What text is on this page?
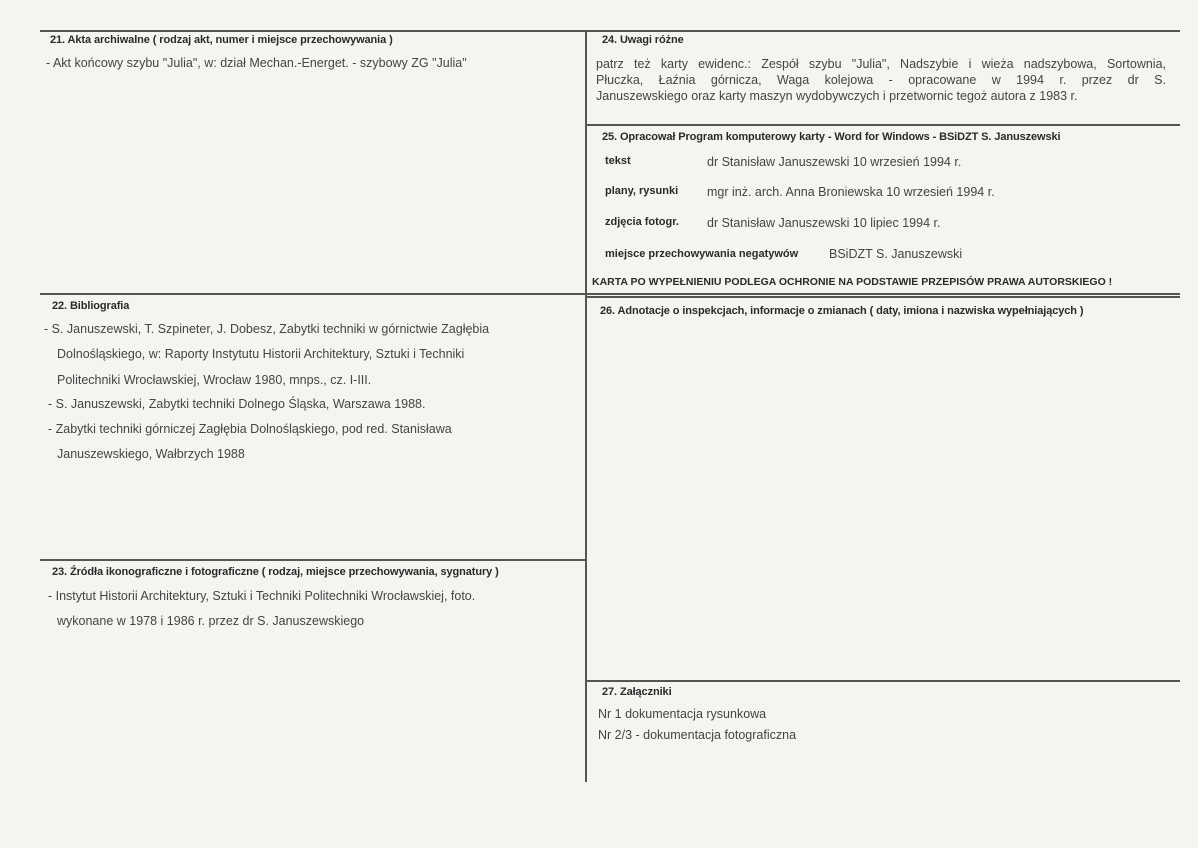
21. Akta archiwalne ( rodzaj akt, numer i miejsce przechowywania )
- Akt końcowy szybu "Julia", w: dział Mechan.-Energet. - szybowy ZG "Julia"
22. Bibliografia
- S. Januszewski, T. Szpineter, J. Dobesz, Zabytki techniki w górnictwie Zagłębia
Dolnośląskiego, w: Raporty Instytutu Historii Architektury, Sztuki i Techniki
Politechniki Wrocławskiej, Wrocław 1980, mnps., cz. I-III.
- S. Januszewski, Zabytki techniki Dolnego Śląska, Warszawa 1988.
- Zabytki techniki górniczej Zagłębia Dolnośląskiego, pod red. Stanisława
Januszewskiego, Wałbrzych 1988
23. Źródła ikonograficzne i fotograficzne ( rodzaj, miejsce przechowywania, sygnatury )
- Instytut Historii Architektury, Sztuki i Techniki Politechniki Wrocławskiej, foto.
wykonane w 1978 i 1986 r. przez dr S. Januszewskiego
24. Uwagi różne
patrz też karty ewidenc.: Zespół szybu "Julia", Nadszybie i wieża nadszybowa, Sortownia,
Płuczka, Łaźnia górnicza, Waga kolejowa - opracowane w 1994 r. przez dr S.
Januszewskiego oraz karty maszyn wydobywczych i przetwornic tegoż autora z 1983 r.
25. Opracował Program komputerowy karty - Word for Windows - BSiDZT S. Januszewski
tekst	dr Stanisław Januszewski 10 wrzesień 1994 r.
plany, rysunki mgr inż. arch. Anna Broniewska 10 wrzesień 1994 r.
zdjęcia fotogr. dr Stanisław Januszewski 10 lipiec 1994 r.
miejsce przechowywania negatywów BSiDZT S. Januszewski
KARTA PO WYPEŁNIENIU PODLEGA OCHRONIE NA PODSTAWIE PRZEPISÓW PRAWA AUTORSKIEGO !
26. Adnotacje o inspekcjach, informacje o zmianach ( daty, imiona i nazwiska wypełniających )
27. Załączniki
Nr 1 dokumentacja rysunkowa
Nr 2/3 - dokumentacja fotograficzna
